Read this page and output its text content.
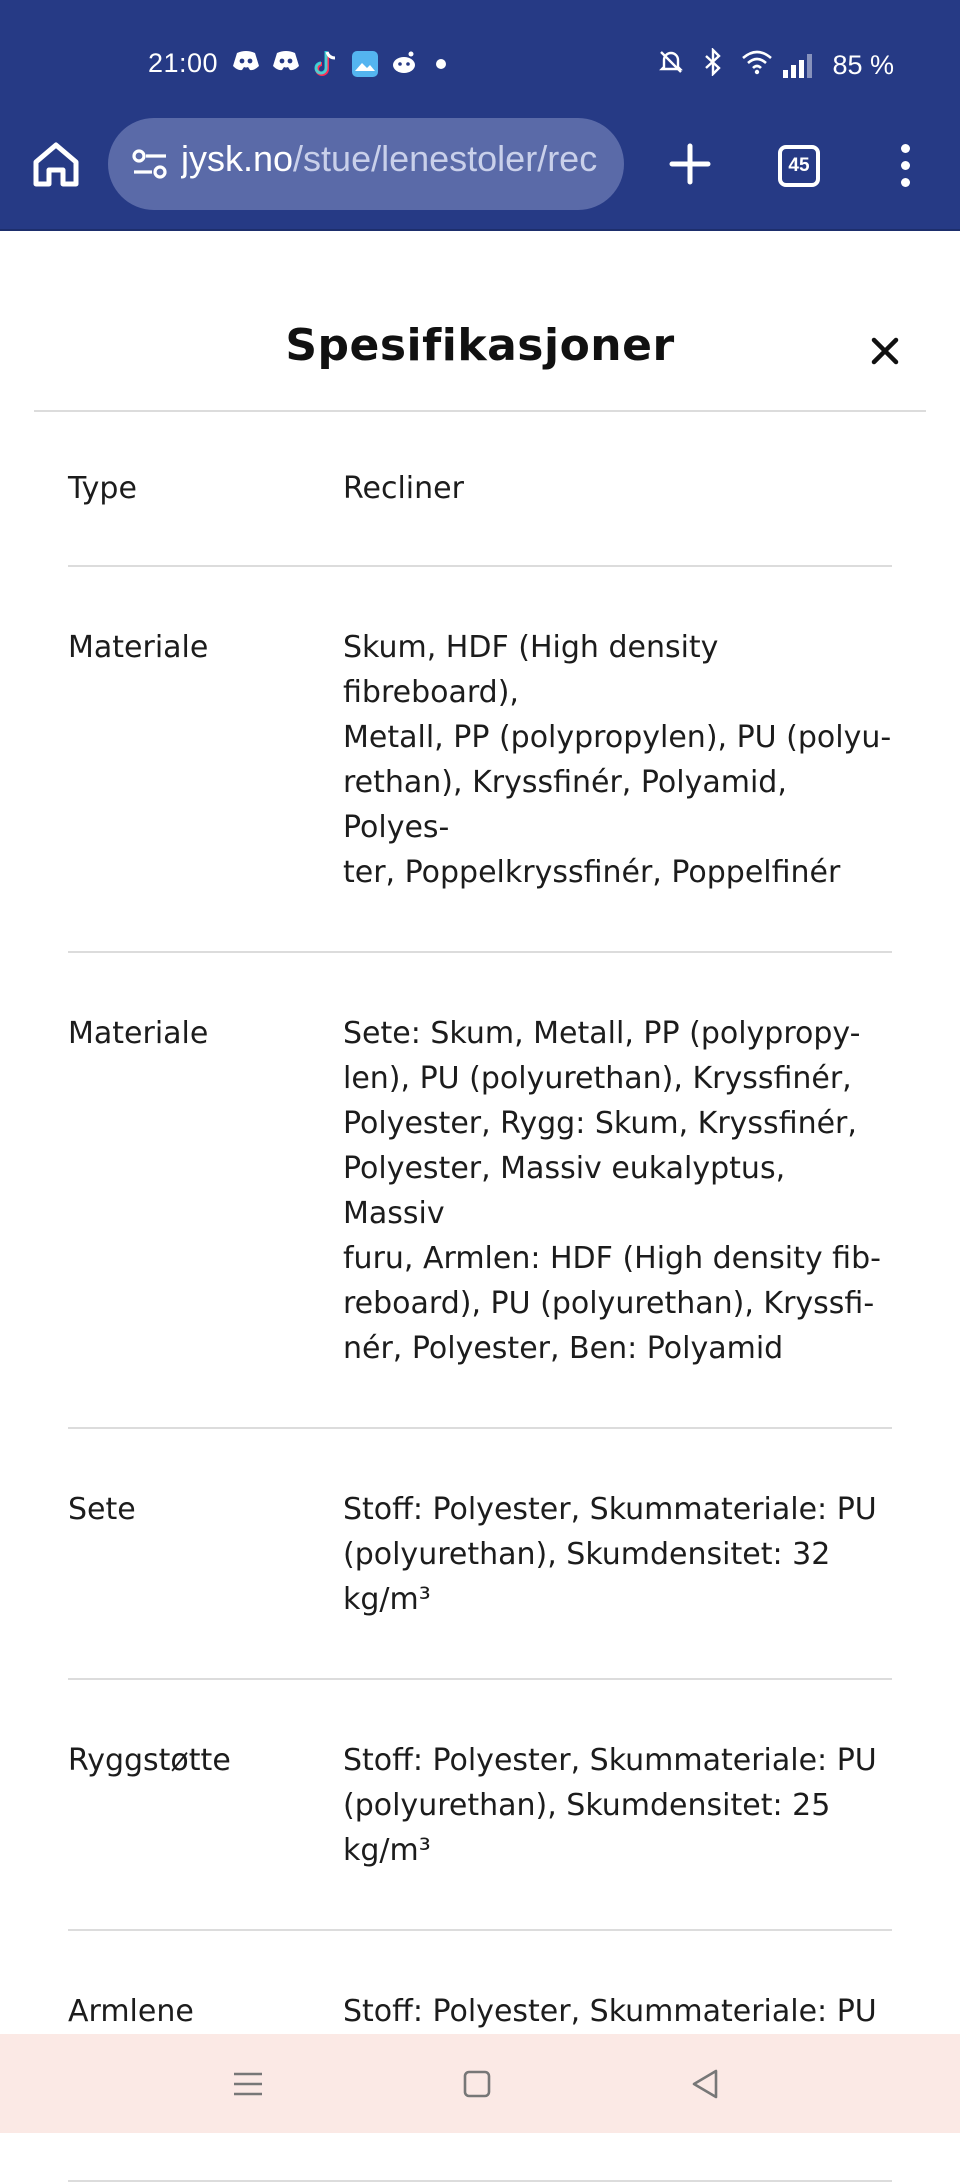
21:00	85 %
jysk.no/stue/lenestoler/rec	45
Spesifikasjoner
Type	Recliner
Materiale	Skum, HDF (High density fibreboard),
Metall, PP (polypropylen), PU (polyu-
rethan), Kryssfinér, Polyamid, Polyes-
ter, Poppelkryssfinér, Poppelfinér
Materiale	Sete: Skum, Metall, PP (polypropy-
len), PU (polyurethan), Kryssfinér,
Polyester, Rygg: Skum, Kryssfinér,
Polyester, Massiv eukalyptus, Massiv
furu, Armlen: HDF (High density fib-
reboard), PU (polyurethan), Kryssfi-
nér, Polyester, Ben: Polyamid
Sete	Stoff: Polyester, Skummateriale: PU
(polyurethan), Skumdensitet: 32
kg/m³
Ryggstøtte	Stoff: Polyester, Skummateriale: PU
(polyurethan), Skumdensitet: 25
kg/m³
Armlene	Stoff: Polyester, Skummateriale: PU
